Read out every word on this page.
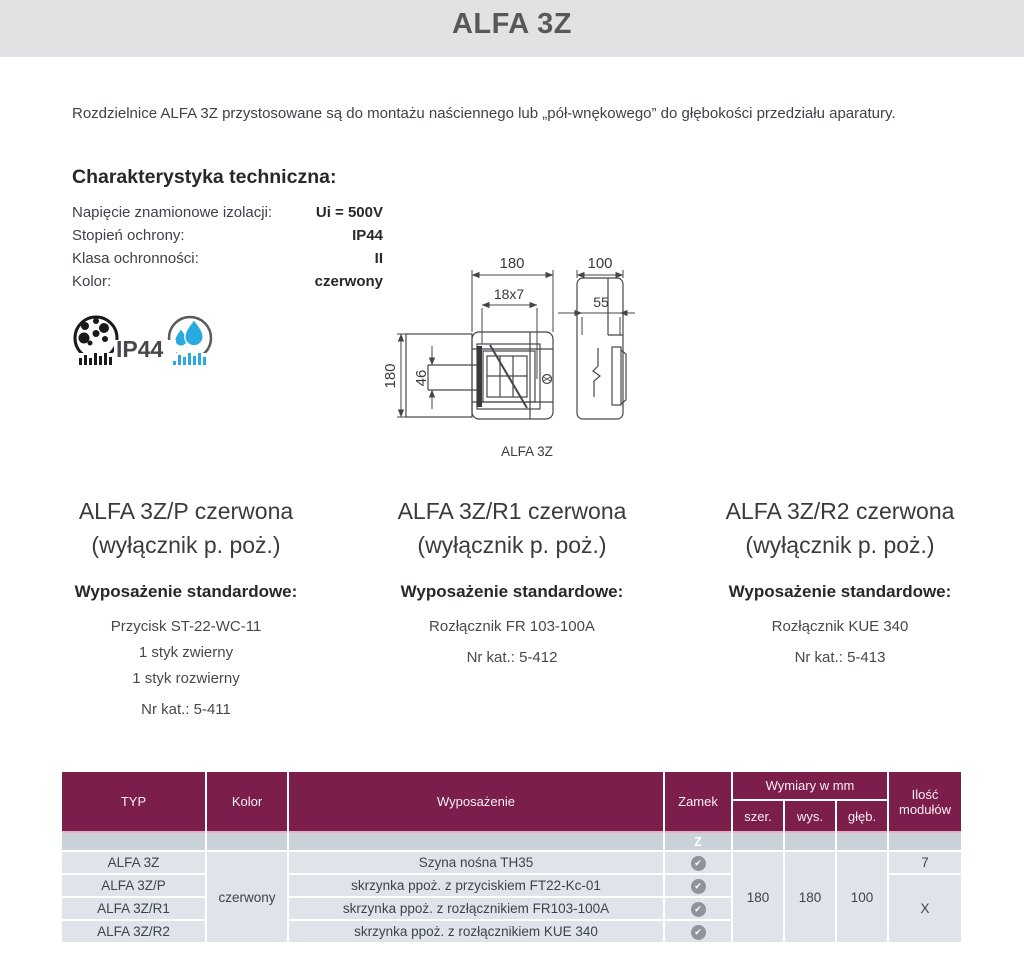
ALFA 3Z

Rozdzielnice ALFA 3Z przystosowane są do montażu naściennego lub „pół-wnękowego” do głębokości przedziału aparatury.

Charakterystyka techniczna:
Napięcie znamionowe izolacji:	Ui = 500V
Stopień ochrony:	IP44
Klasa ochronności:	II
Kolor:	czerwony
IP44
180
18x7
180 46
100
55
ALFA 3Z
ALFA 3Z/P czerwona
(wyłącznik p. poż.)
Wyposażenie standardowe:
Przycisk ST-22-WC-11
1 styk zwierny
1 styk rozwierny
Nr kat.: 5-411
ALFA 3Z/R1 czerwona
(wyłącznik p. poż.)
Wyposażenie standardowe:
Rozłącznik FR 103-100A
Nr kat.: 5-412
ALFA 3Z/R2 czerwona
(wyłącznik p. poż.)
Wyposażenie standardowe:
Rozłącznik KUE 340
Nr kat.: 5-413
TYP	Kolor	Wyposażenie	Zamek	Wymiary w mm			Ilość modułów
				szer.	wys.	głęb.	
			Z				
ALFA 3Z	czerwony	Szyna nośna TH35	✔	180	180	100	7
ALFA 3Z/P		skrzynka ppoż. z przyciskiem FT22-Kc-01	✔				X
ALFA 3Z/R1		skrzynka ppoż. z rozłącznikiem FR103-100A	✔				
ALFA 3Z/R2		skrzynka ppoż. z rozłącznikiem KUE 340	✔				
